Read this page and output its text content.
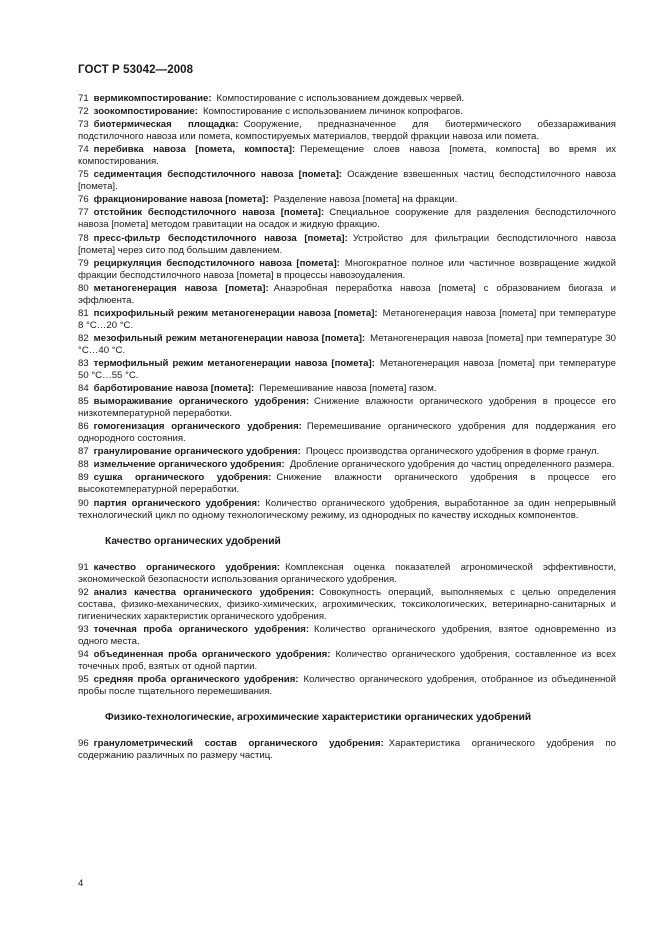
ГОСТ Р 53042—2008
71 вермикомпостирование: Компостирование с использованием дождевых червей.
72 зоокомпостирование: Компостирование с использованием личинок копрофагов.
73 биотермическая площадка: Сооружение, предназначенное для биотермического обеззараживания подстилочного навоза или помета, компостируемых материалов, твердой фракции навоза или помета.
74 перебивка навоза [помета, компоста]: Перемещение слоев навоза [помета, компоста] во время их компостирования.
75 седиментация бесподстилочного навоза [помета]: Осаждение взвешенных частиц бесподстилочного навоза [помета].
76 фракционирование навоза [помета]: Разделение навоза [помета] на фракции.
77 отстойник бесподстилочного навоза [помета]: Специальное сооружение для разделения бесподстилочного навоза [помета] методом гравитации на осадок и жидкую фракцию.
78 пресс-фильтр бесподстилочного навоза [помета]: Устройство для фильтрации бесподстилочного навоза [помета] через сито под большим давлением.
79 рециркуляция бесподстилочного навоза [помета]: Многократное полное или частичное возвращение жидкой фракции бесподстилочного навоза [помета] в процессы навозоудаления.
80 метаногенерация навоза [помета]: Анаэробная переработка навоза [помета] с образованием биогаза и эффлюента.
81 психрофильный режим метаногенерации навоза [помета]: Метаногенерация навоза [помета] при температуре 8 °С…20 °С.
82 мезофильный режим метаногенерации навоза [помета]: Метаногенерация навоза [помета] при температуре 30 °С…40 °С.
83 термофильный режим метаногенерации навоза [помета]: Метаногенерация навоза [помета] при температуре 50 °С…55 °С.
84 барботирование навоза [помета]: Перемешивание навоза [помета] газом.
85 вымораживание органического удобрения: Снижение влажности органического удобрения в процессе его низкотемпературной переработки.
86 гомогенизация органического удобрения: Перемешивание органического удобрения для поддержания его однородного состояния.
87 гранулирование органического удобрения: Процесс производства органического удобрения в форме гранул.
88 измельчение органического удобрения: Дробление органического удобрения до частиц определенного размера.
89 сушка органического удобрения: Снижение влажности органического удобрения в процессе его высокотемпературной переработки.
90 партия органического удобрения: Количество органического удобрения, выработанное за один непрерывный технологический цикл по одному технологическому режиму, из однородных по качеству исходных компонентов.
Качество органических удобрений
91 качество органического удобрения: Комплексная оценка показателей агрономической эффективности, экономической безопасности использования органического удобрения.
92 анализ качества органического удобрения: Совокупность операций, выполняемых с целью определения состава, физико-механических, физико-химических, агрохимических, токсикологических, ветеринарно-санитарных и гигиенических характеристик органического удобрения.
93 точечная проба органического удобрения: Количество органического удобрения, взятое одновременно из одного места.
94 объединенная проба органического удобрения: Количество органического удобрения, составленное из всех точечных проб, взятых от одной партии.
95 средняя проба органического удобрения: Количество органического удобрения, отобранное из объединенной пробы после тщательного перемешивания.
Физико-технологические, агрохимические характеристики органических удобрений
96 гранулометрический состав органического удобрения: Характеристика органического удобрения по содержанию различных по размеру частиц.
4
